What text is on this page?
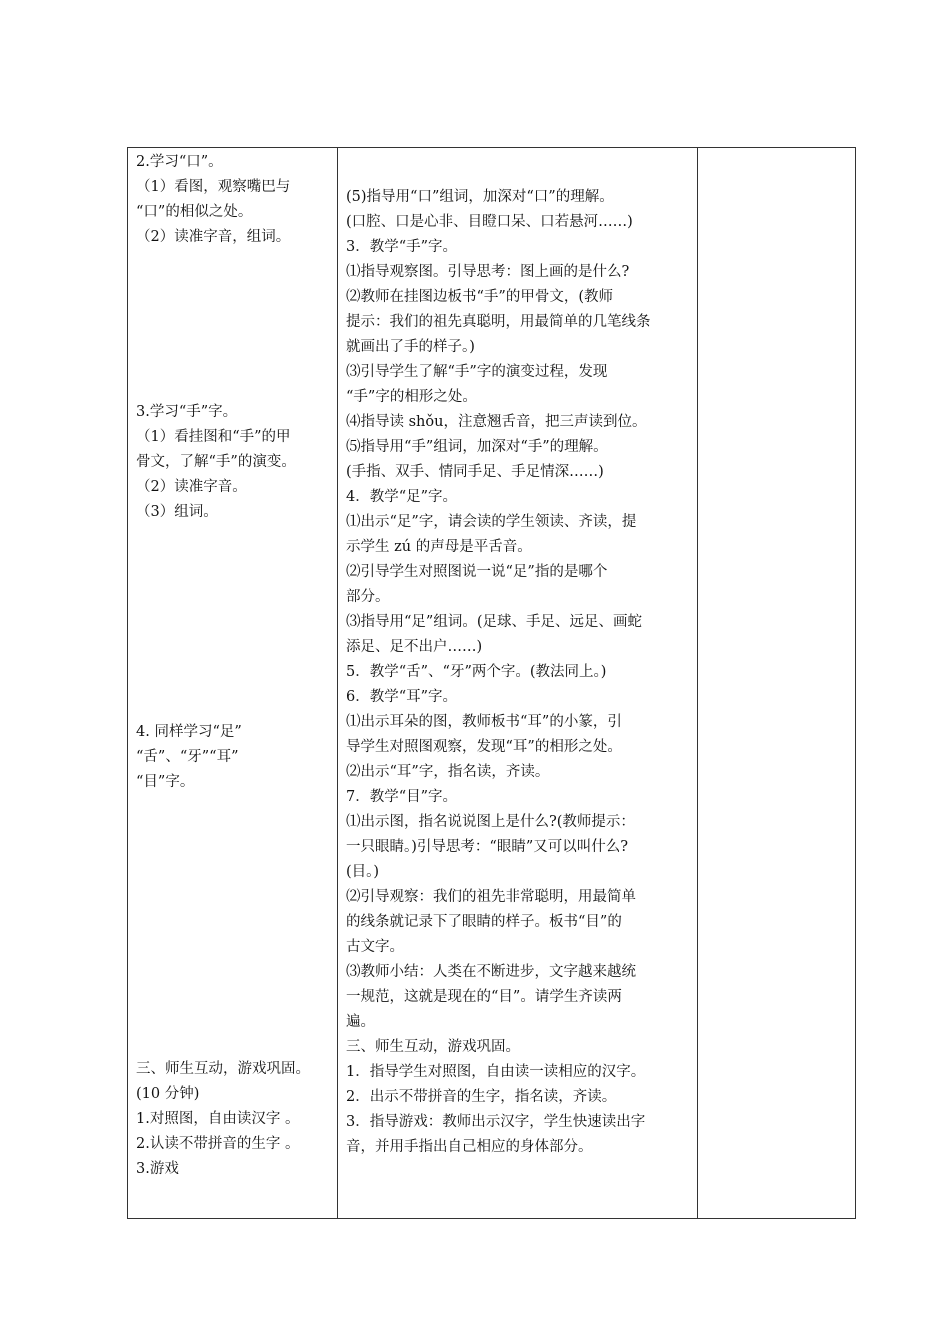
2.学习“口”。
（1）看图，观察嘴巴与
“口”的相似之处。
（2）读准字音，组词。
3.学习“手”字。
（1）看挂图和“手”的甲
骨文，了解“手”的演变。
（2）读准字音。
（3）组词。
4. 同样学习“足”
“舌”、“牙”“耳”
“目”字。
三、师生互动，游戏巩固。
(10 分钟)
1.对照图，自由读汉字 。
2.认读不带拼音的生字 。
3.游戏

(5)指导用“口”组词，加深对“口”的理解。
(口腔、口是心非、目瞪口呆、口若悬河……)
3．教学“手”字。
⑴指导观察图。引导思考：图上画的是什么?
⑵教师在挂图边板书“手”的甲骨文，(教师
提示：我们的祖先真聪明，用最简单的几笔线条
就画出了手的样子。)
⑶引导学生了解“手”字的演变过程，发现
“手”字的相形之处。
⑷指导读 shǒu，注意翘舌音，把三声读到位。
⑸指导用“手”组词，加深对“手”的理解。
(手指、双手、情同手足、手足情深……)
4．教学“足”字。
⑴出示“足”字，请会读的学生领读、齐读，提
示学生 zú 的声母是平舌音。
⑵引导学生对照图说一说“足”指的是哪个
部分。
⑶指导用“足”组词。(足球、手足、远足、画蛇
添足、足不出户……)
5．教学“舌”、“牙”两个字。(教法同上。)
6．教学“耳”字。
⑴出示耳朵的图，教师板书“耳”的小篆，引
导学生对照图观察，发现“耳”的相形之处。
⑵出示“耳”字，指名读，齐读。
7．教学“目”字。
⑴出示图，指名说说图上是什么?(教师提示：
一只眼睛。)引导思考：“眼睛”又可以叫什么?
(目。)
⑵引导观察：我们的祖先非常聪明，用最简单
的线条就记录下了眼睛的样子。板书“目”的
古文字。
⑶教师小结：人类在不断进步，文字越来越统
一规范，这就是现在的“目”。请学生齐读两
遍。
三、师生互动，游戏巩固。
1．指导学生对照图，自由读一读相应的汉字。
2．出示不带拼音的生字，指名读，齐读。
3．指导游戏：教师出示汉字，学生快速读出字
音，并用手指出自己相应的身体部分。
